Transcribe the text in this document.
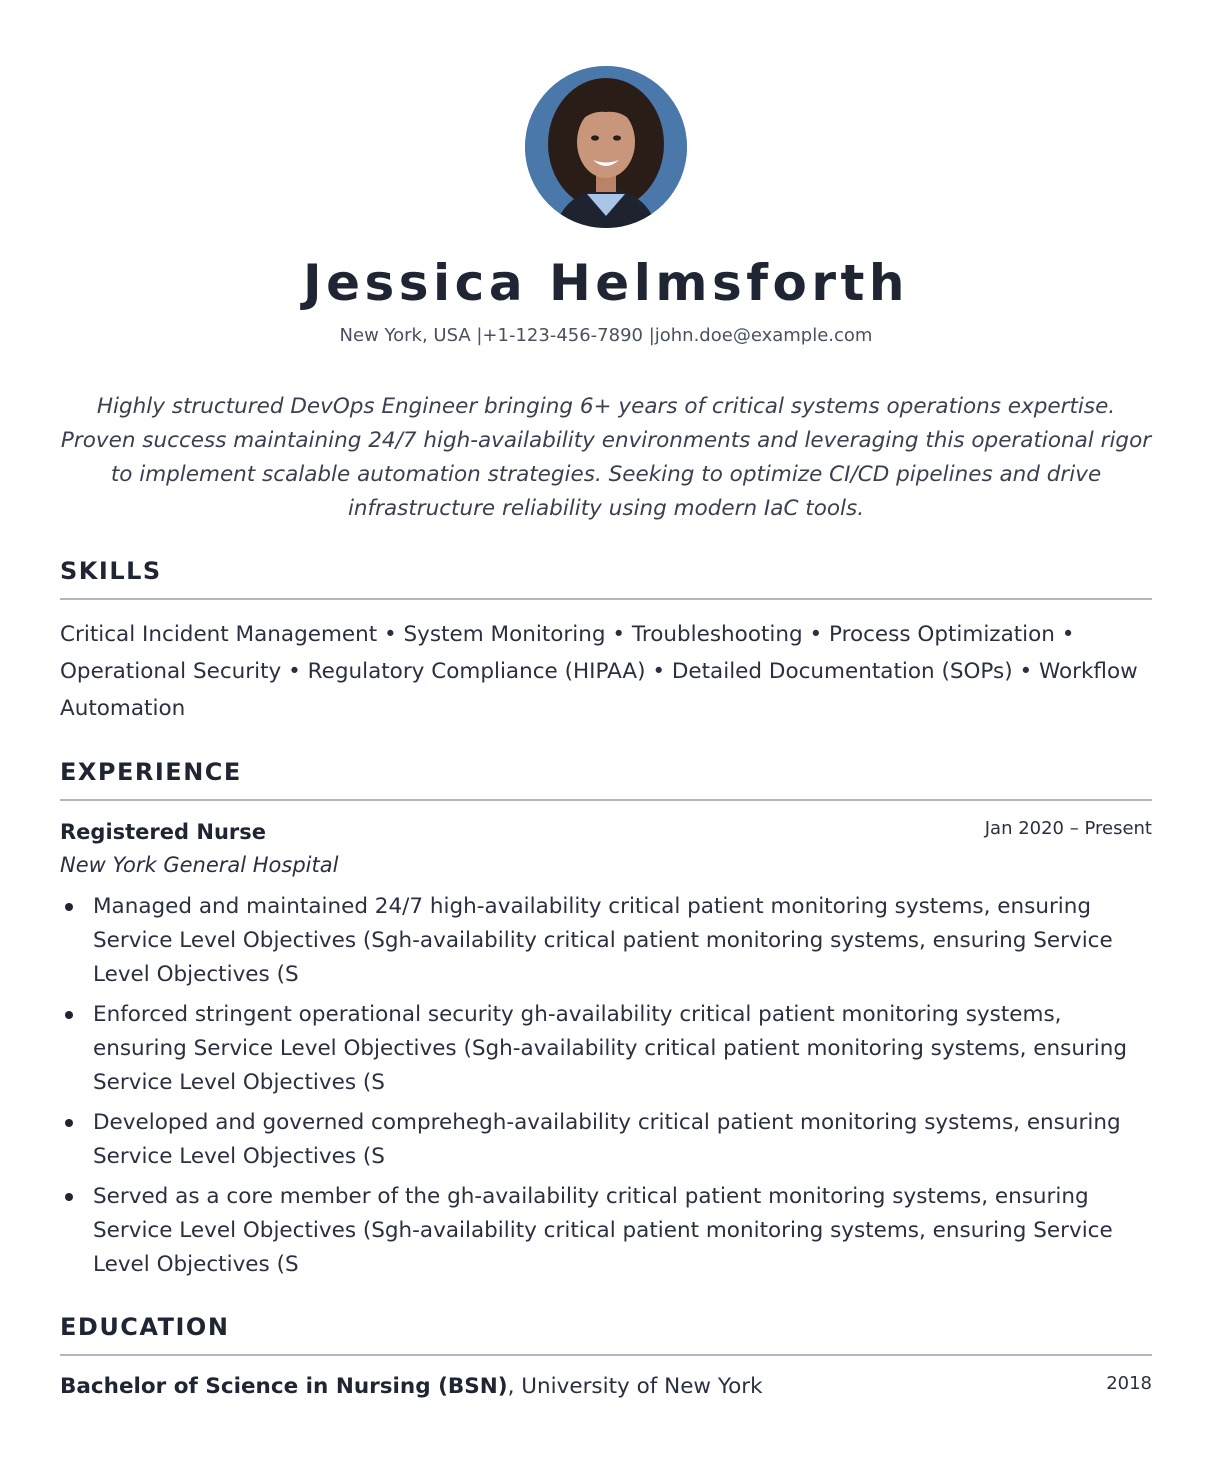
Jessica Helmsforth
New York, USA |+1-123-456-7890 |john.doe@example.com
Highly structured DevOps Engineer bringing 6+ years of critical systems operations expertise. Proven success maintaining 24/7 high-availability environments and leveraging this operational rigor to implement scalable automation strategies. Seeking to optimize CI/CD pipelines and drive infrastructure reliability using modern IaC tools.
SKILLS
Critical Incident Management • System Monitoring • Troubleshooting • Process Optimization • Operational Security • Regulatory Compliance (HIPAA) • Detailed Documentation (SOPs) • Workflow Automation
EXPERIENCE
Registered Nurse	Jan 2020 – Present
New York General Hospital
Managed and maintained 24/7 high-availability critical patient monitoring systems, ensuring Service Level Objectives (Sgh-availability critical patient monitoring systems, ensuring Service Level Objectives (S
Enforced stringent operational security gh-availability critical patient monitoring systems, ensuring Service Level Objectives (Sgh-availability critical patient monitoring systems, ensuring Service Level Objectives (S
Developed and governed comprehegh-availability critical patient monitoring systems, ensuring Service Level Objectives (S
Served as a core member of the gh-availability critical patient monitoring systems, ensuring Service Level Objectives (Sgh-availability critical patient monitoring systems, ensuring Service Level Objectives (S
EDUCATION
Bachelor of Science in Nursing (BSN), University of New York	2018
